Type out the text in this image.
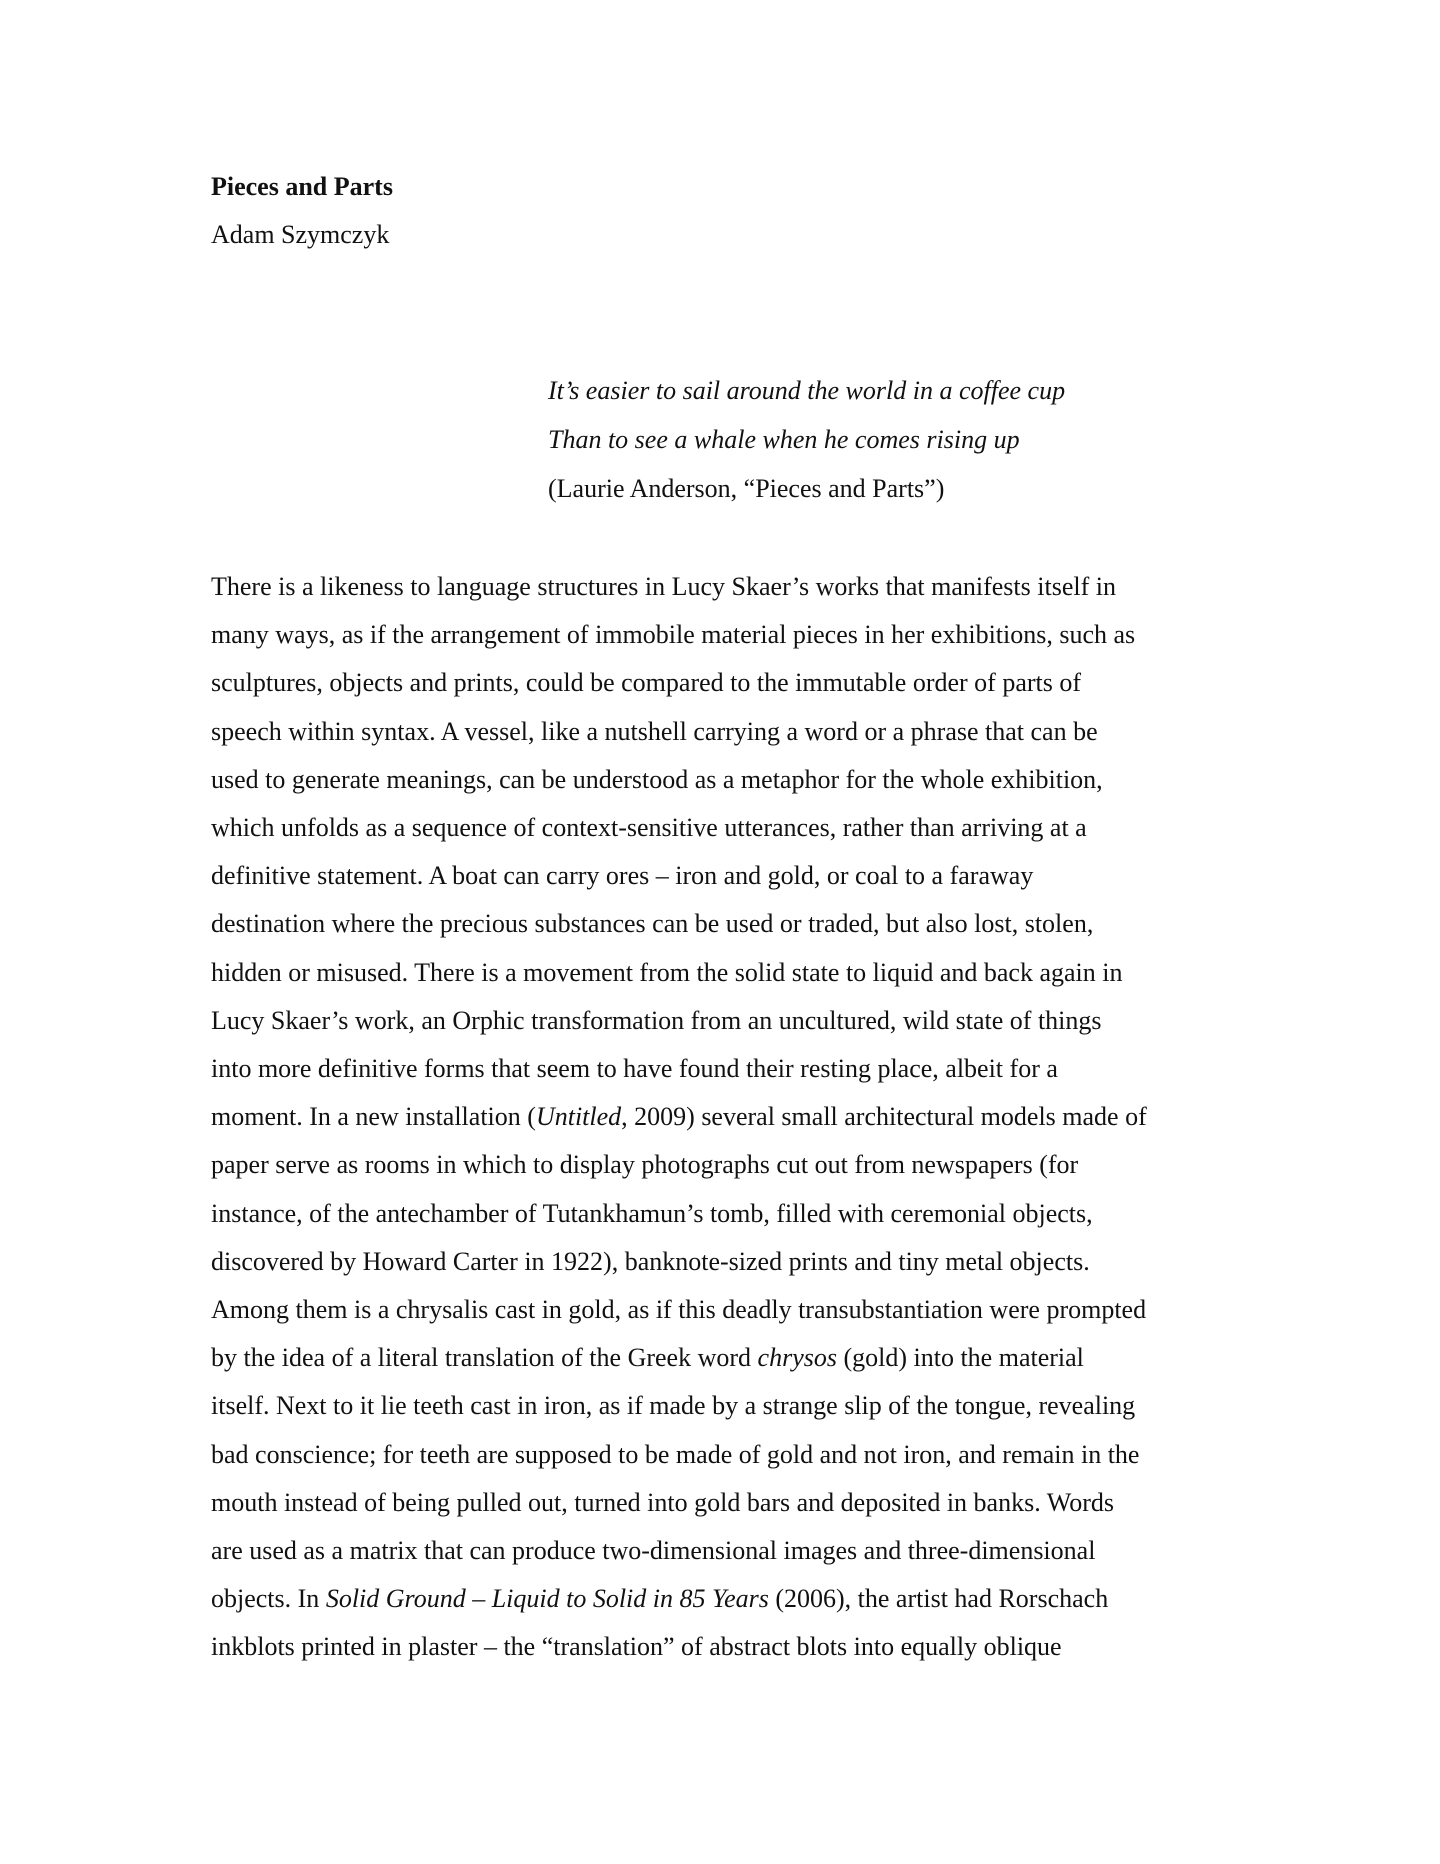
Pieces and Parts

Adam Szymczyk

It’s easier to sail around the world in a coffee cup
Than to see a whale when he comes rising up
(Laurie Anderson, “Pieces and Parts”)
There is a likeness to language structures in Lucy Skaer’s works that manifests itself in
many ways, as if the arrangement of immobile material pieces in her exhibitions, such as
sculptures, objects and prints, could be compared to the immutable order of parts of
speech within syntax. A vessel, like a nutshell carrying a word or a phrase that can be
used to generate meanings, can be understood as a metaphor for the whole exhibition,
which unfolds as a sequence of context-sensitive utterances, rather than arriving at a
definitive statement. A boat can carry ores – iron and gold, or coal to a faraway
destination where the precious substances can be used or traded, but also lost, stolen,
hidden or misused. There is a movement from the solid state to liquid and back again in
Lucy Skaer’s work, an Orphic transformation from an uncultured, wild state of things
into more definitive forms that seem to have found their resting place, albeit for a
moment. In a new installation (Untitled, 2009) several small architectural models made of
paper serve as rooms in which to display photographs cut out from newspapers (for
instance, of the antechamber of Tutankhamun’s tomb, filled with ceremonial objects,
discovered by Howard Carter in 1922), banknote-sized prints and tiny metal objects.
Among them is a chrysalis cast in gold, as if this deadly transubstantiation were prompted
by the idea of a literal translation of the Greek word chrysos (gold) into the material
itself. Next to it lie teeth cast in iron, as if made by a strange slip of the tongue, revealing
bad conscience; for teeth are supposed to be made of gold and not iron, and remain in the
mouth instead of being pulled out, turned into gold bars and deposited in banks. Words
are used as a matrix that can produce two-dimensional images and three-dimensional
objects. In Solid Ground – Liquid to Solid in 85 Years (2006), the artist had Rorschach
inkblots printed in plaster – the “translation” of abstract blots into equally oblique
